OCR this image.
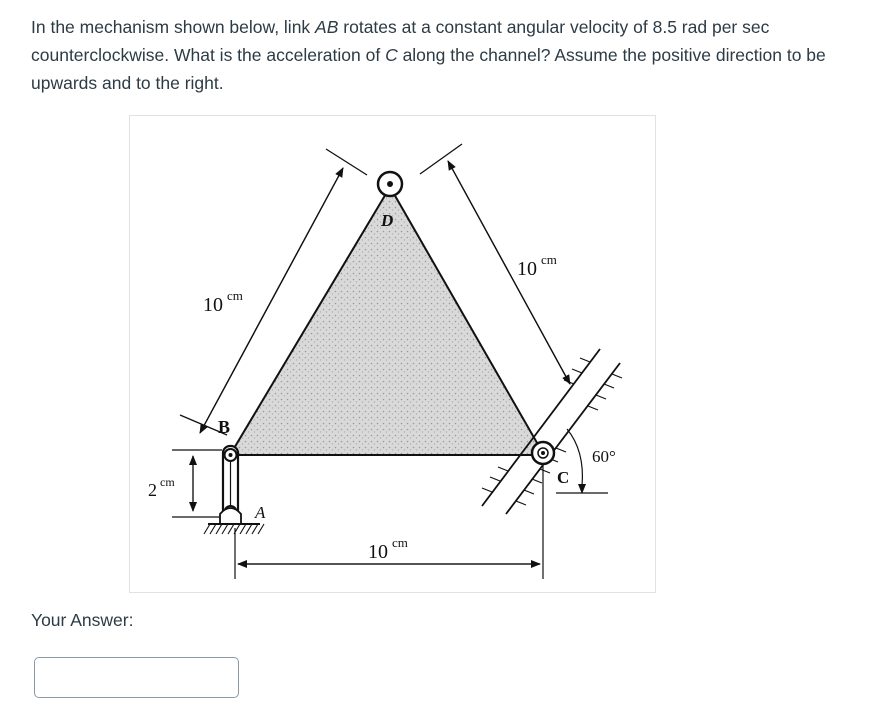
In the mechanism shown below, link AB rotates at a constant angular velocity of 8.5 rad per sec counterclockwise. What is the acceleration of C along the channel? Assume the positive direction to be upwards and to the right.

D
B
A
C
10 cm
10 cm
10 cm
2 cm
60°

Your Answer:
